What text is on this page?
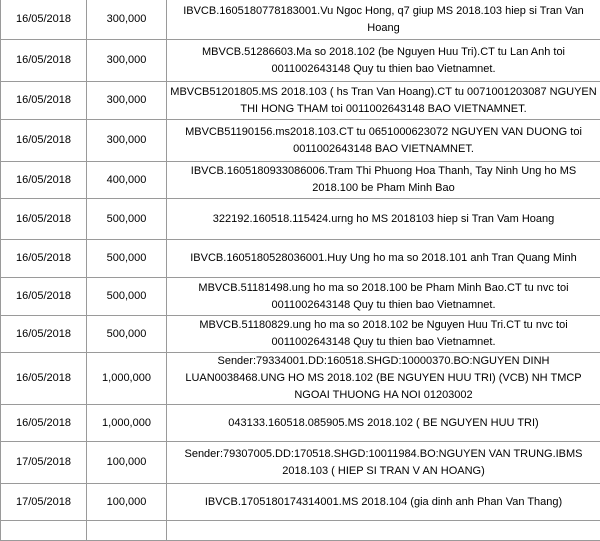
16/05/2018	300,000	IBVCB.1605180778183001.Vu Ngoc Hong, q7 giup MS 2018.103 hiep si Tran Van Hoang
16/05/2018	300,000	MBVCB.51286603.Ma so 2018.102 (be Nguyen Huu Tri).CT tu Lan Anh toi 0011002643148 Quy tu thien bao Vietnamnet.
16/05/2018	300,000	MBVCB51201805.MS 2018.103 ( hs Tran Van Hoang).CT tu 0071001203087 NGUYEN THI HONG THAM toi 0011002643148 BAO VIETNAMNET.
16/05/2018	300,000	MBVCB51190156.ms2018.103.CT tu 0651000623072 NGUYEN VAN DUONG toi 0011002643148 BAO VIETNAMNET.
16/05/2018	400,000	IBVCB.1605180933086006.Tram Thi Phuong Hoa Thanh, Tay Ninh Ung ho MS 2018.100 be Pham Minh Bao
16/05/2018	500,000	322192.160518.115424.urng ho MS 2018103 hiep si Tran Vam Hoang
16/05/2018	500,000	IBVCB.1605180528036001.Huy Ung ho ma so 2018.101 anh Tran Quang Minh
16/05/2018	500,000	MBVCB.51181498.ung ho ma so 2018.100 be Pham Minh Bao.CT tu nvc toi 0011002643148 Quy tu thien bao Vietnamnet.
16/05/2018	500,000	MBVCB.51180829.ung ho ma so 2018.102 be Nguyen Huu Tri.CT tu nvc toi 0011002643148 Quy tu thien bao Vietnamnet.
16/05/2018	1,000,000	Sender:79334001.DD:160518.SHGD:10000370.BO:NGUYEN DINH LUAN0038468.UNG HO MS 2018.102 (BE NGUYEN HUU TRI) (VCB) NH TMCP NGOAI THUONG HA NOI 01203002
16/05/2018	1,000,000	043133.160518.085905.MS 2018.102 ( BE NGUYEN HUU TRI)
17/05/2018	100,000	Sender:79307005.DD:170518.SHGD:10011984.BO:NGUYEN VAN TRUNG.IBMS 2018.103 ( HIEP SI TRAN V AN HOANG)
17/05/2018	100,000	IBVCB.1705180174314001.MS 2018.104 (gia dinh anh Phan Van Thang)
